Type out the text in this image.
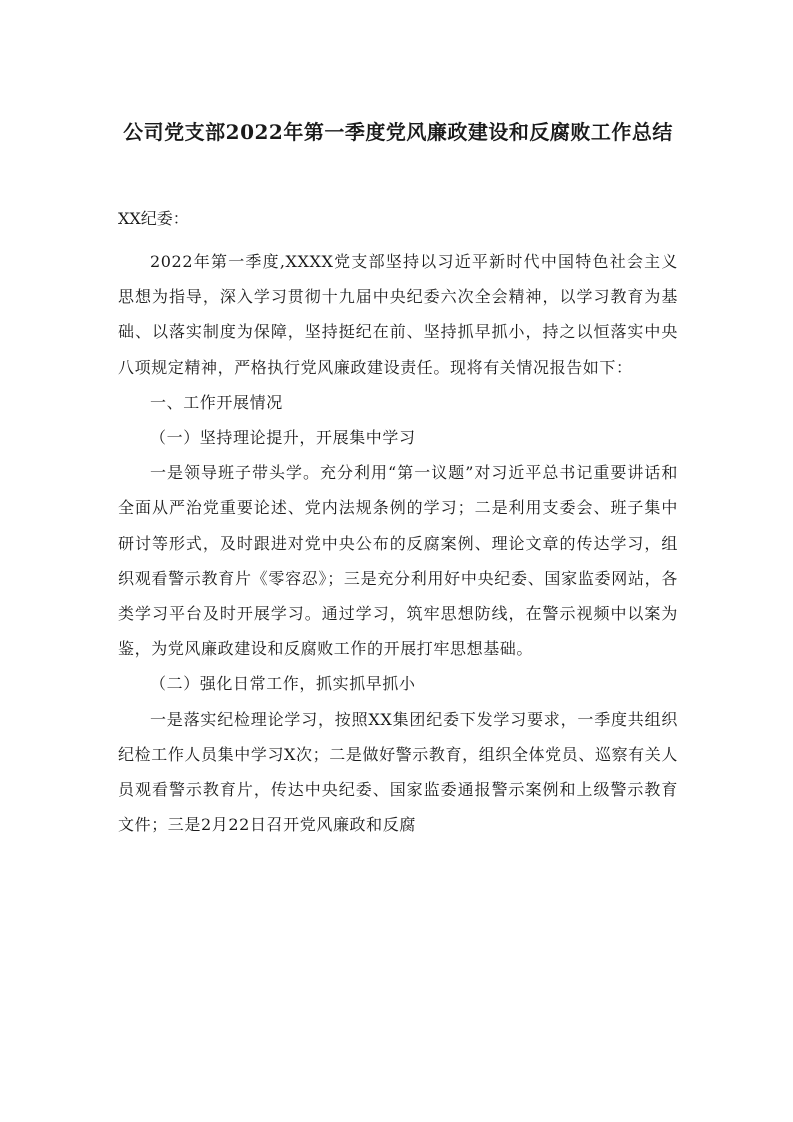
公司党支部2022年第一季度党风廉政建设和反腐败工作总结
XX纪委：

2022年第一季度,XXXX党支部坚持以习近平新时代中国特色社会主义思想为指导，深入学习贯彻十九届中央纪委六次全会精神，以学习教育为基础、以落实制度为保障，坚持挺纪在前、坚持抓早抓小，持之以恒落实中央八项规定精神，严格执行党风廉政建设责任。现将有关情况报告如下：

一、工作开展情况

（一）坚持理论提升，开展集中学习

一是领导班子带头学。充分利用“第一议题”对习近平总书记重要讲话和全面从严治党重要论述、党内法规条例的学习；二是利用支委会、班子集中研讨等形式，及时跟进对党中央公布的反腐案例、理论文章的传达学习，组织观看警示教育片《零容忍》；三是充分利用好中央纪委、国家监委网站，各类学习平台及时开展学习。通过学习，筑牢思想防线，在警示视频中以案为鉴，为党风廉政建设和反腐败工作的开展打牢思想基础。

（二）强化日常工作，抓实抓早抓小

一是落实纪检理论学习，按照XX集团纪委下发学习要求，一季度共组织纪检工作人员集中学习X次；二是做好警示教育，组织全体党员、巡察有关人员观看警示教育片，传达中央纪委、国家监委通报警示案例和上级警示教育文件；三是2月22日召开党风廉政和反腐
